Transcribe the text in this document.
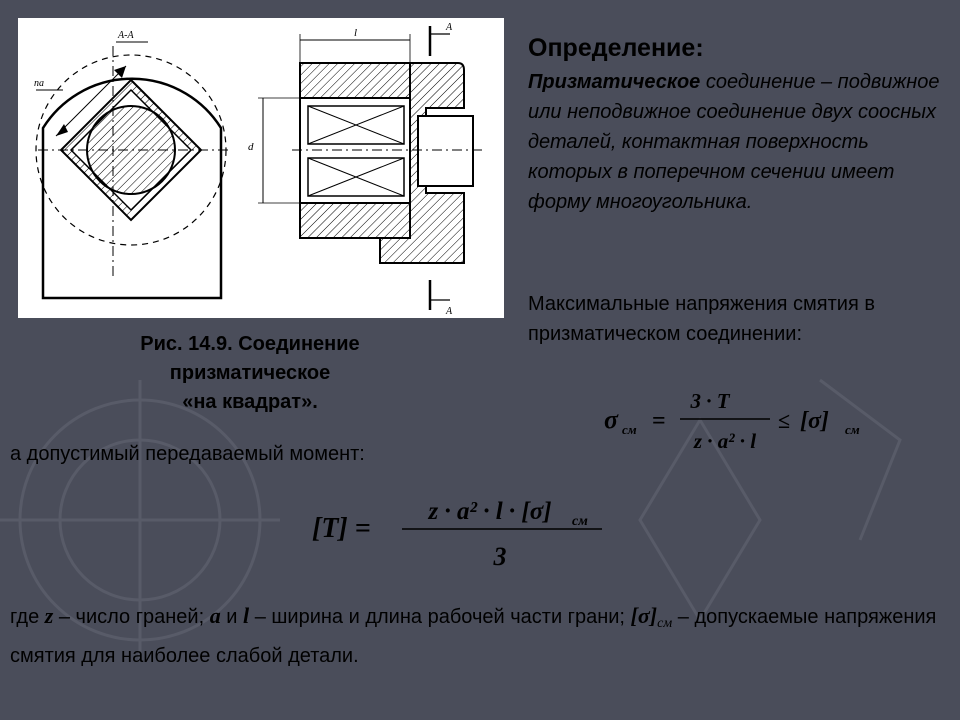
па
А-А
d
l	А
А
Рис. 14.9. Соединение
призматическое
«на квадрат».
Определение:
Призматическое соединение – подвижное или неподвижное соединение двух соосных деталей, контактная поверхность которых в поперечном сечении имеет форму многоугольника.
Максимальные напряжения смятия в призматическом соединении:
σ см =
3 · T
z · a² · l
≤ [σ] см
а допустимый передаваемый момент:
[T] =
z · a² · l · [σ] см
3
где z – число граней; a и l – ширина и длина рабочей части грани; $[\sigma]_{см}$ – допускаемые напряжения смятия для наиболее слабой детали.
